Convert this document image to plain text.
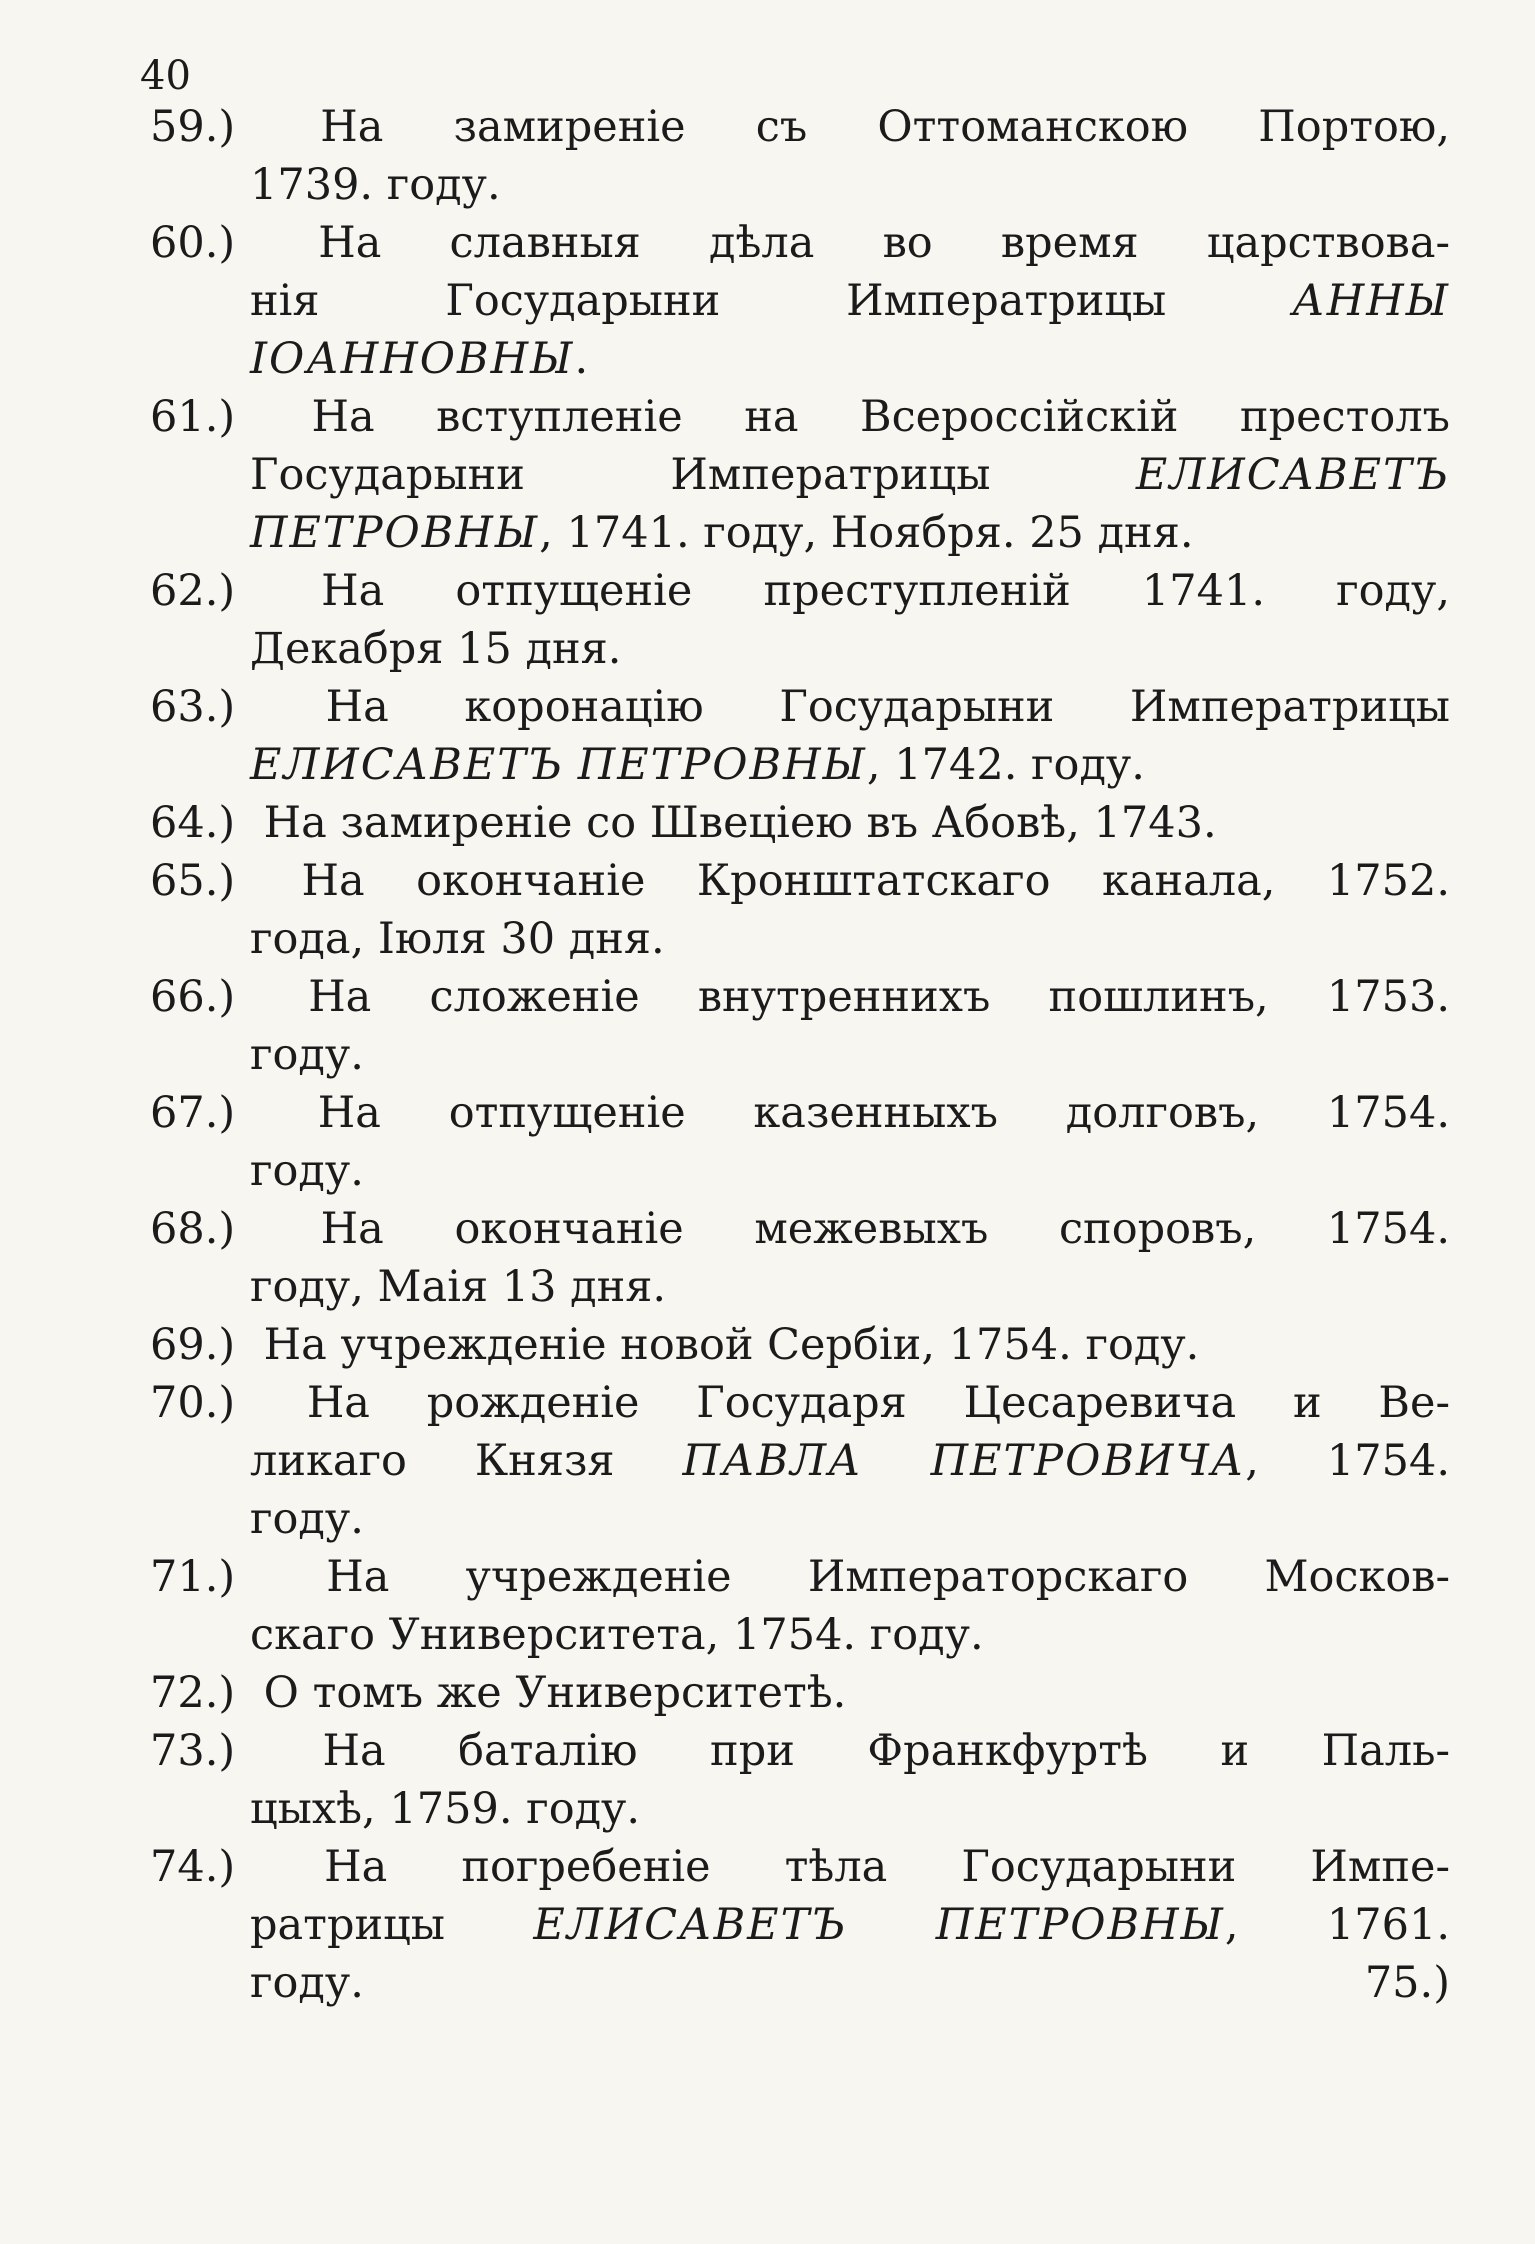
40
59.) На замиреніе съ Оттоманскою Портою,
1739. году.
60.) На славныя дѣла во время царствова-
нія Государыни Императрицы АННЫ
ІОАННОВНЫ.
61.) На вступленіе на Всероссійскій престолъ
Государыни Императрицы ЕЛИСАВЕТЪ
ПЕТРОВНЫ, 1741. году, Ноября. 25 дня.
62.) На отпущеніе преступленій 1741. году,
Декабря 15 дня.
63.) На коронацію Государыни Императрицы
ЕЛИСАВЕТЪ ПЕТРОВНЫ, 1742. году.
64.) На замиреніе со Швеціею въ Абовѣ, 1743.
65.) На окончаніе Кронштатскаго канала, 1752.
года, Іюля 30 дня.
66.) На сложеніе внутреннихъ пошлинъ, 1753.
году.
67.) На отпущеніе казенныхъ долговъ, 1754.
году.
68.) На окончаніе межевыхъ споровъ, 1754.
году, Маія 13 дня.
69.) На учрежденіе новой Сербіи, 1754. году.
70.) На рожденіе Государя Цесаревича и Ве-
ликаго Князя ПАВЛА ПЕТРОВИЧА, 1754.
году.
71.) На учрежденіе Императорскаго Москов-
скаго Университета, 1754. году.
72.) О томъ же Университетѣ.
73.) На баталію при Франкфуртѣ и Паль-
цыхѣ, 1759. году.
74.) На погребеніе тѣла Государыни Импе-
ратрицы ЕЛИСАВЕТЪ ПЕТРОВНЫ, 1761.
году.	75.)
